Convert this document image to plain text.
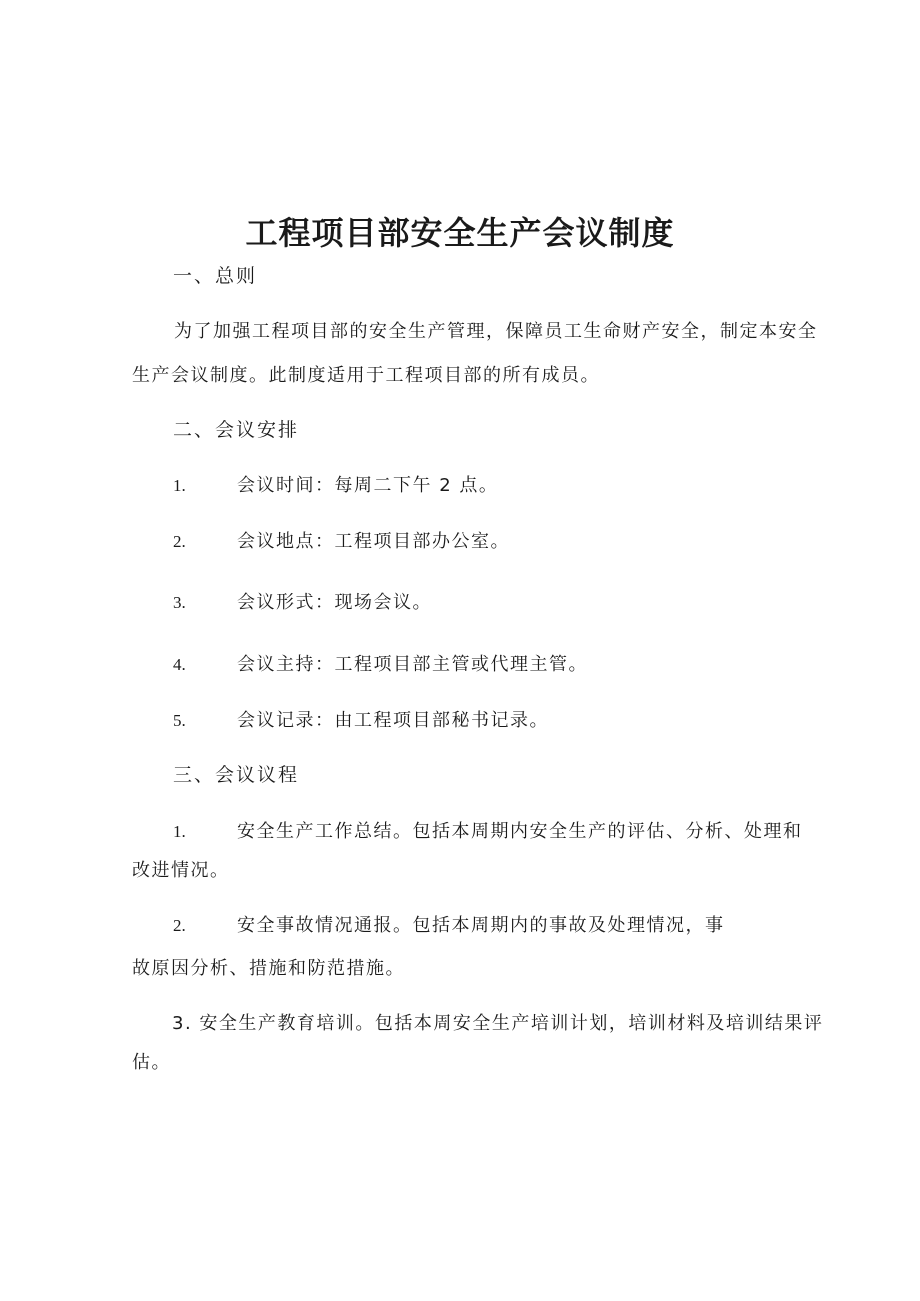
工程项目部安全生产会议制度
一、总则
为了加强工程项目部的安全生产管理，保障员工生命财产安全，制定本安全
生产会议制度。此制度适用于工程项目部的所有成员。
二、会议安排
1.	会议时间：每周二下午 2 点。
2.	会议地点：工程项目部办公室。
3.	会议形式：现场会议。
4.	会议主持：工程项目部主管或代理主管。
5.	会议记录：由工程项目部秘书记录。
三、会议议程
1.	安全生产工作总结。包括本周期内安全生产的评估、分析、处理和
改进情况。
2.	安全事故情况通报。包括本周期内的事故及处理情况，事
故原因分析、措施和防范措施。
3. 安全生产教育培训。包括本周安全生产培训计划，培训材料及培训结果评
估。
